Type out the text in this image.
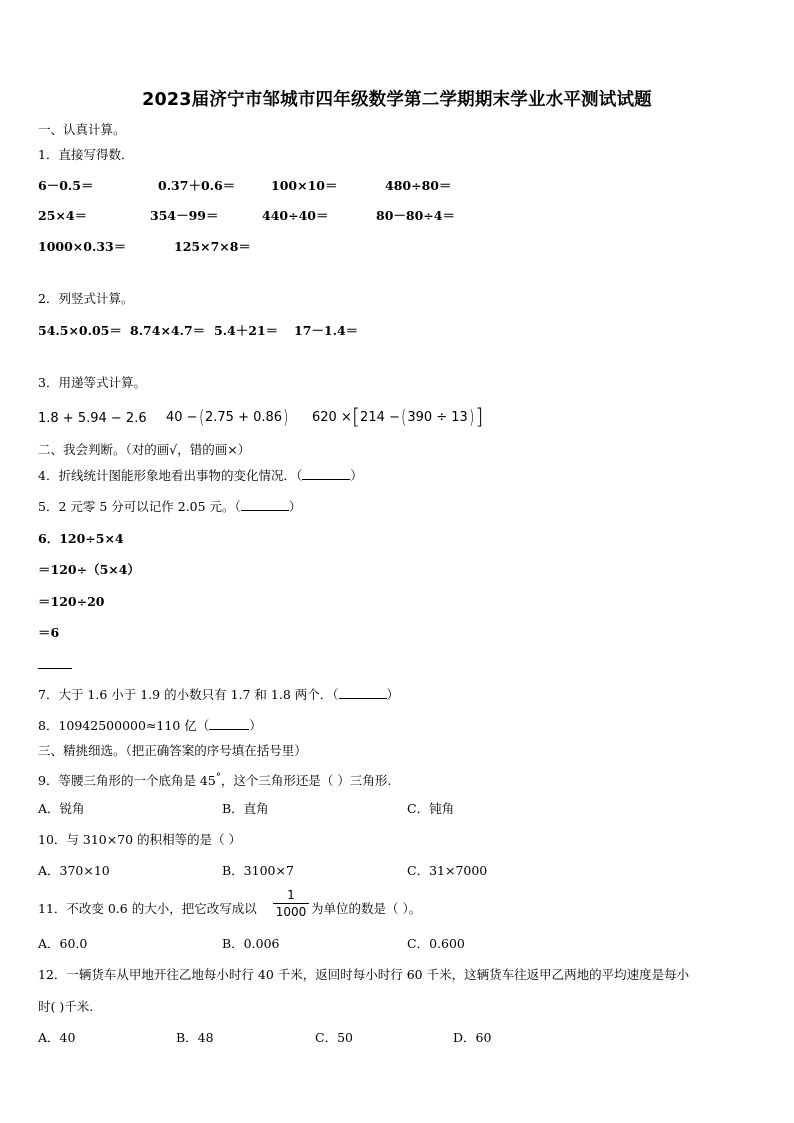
2023届济宁市邹城市四年级数学第二学期期末学业水平测试试题
一、认真计算。
1．直接写得数．
6－0.5＝	0.37＋0.6＝	100×10＝	480÷80＝
25×4＝	354－99＝	440÷40＝	80－80÷4＝
1000×0.33＝	125×7×8＝
2．列竖式计算。
54.5×0.05＝ 8.74×4.7＝ 5.4＋21＝ 17－1.4＝
3．用递等式计算。
1.8 + 5.94 − 2.6 40 −(2.75 + 0.86) 620 ×[214 −(390 ÷ 13)]
二、我会判断。（对的画√，错的画×）
4．折线统计图能形象地看出事物的变化情况．（	）
5．2 元零 5 分可以记作 2.05 元。（	）
6．120÷5×4
＝120÷（5×4）
＝120÷20
＝6
7．大于 1.6 小于 1.9 的小数只有 1.7 和 1.8 两个．（	）
8．10942500000≈110 亿（	）
三、精挑细选。（把正确答案的序号填在括号里）
9．等腰三角形的一个底角是 45°，这个三角形还是（ ）三角形.
A．锐角	B．直角	C．钝角
10．与 310×70 的积相等的是（ ）
A．370×10	B．3100×7	C．31×7000
11．不改变 0.6 的大小，把它改写成以
1
1000 为单位的数是（ ）。
A．60.0	B．0.006	C．0.600
12．一辆货车从甲地开往乙地每小时行 40 千米，返回时每小时行 60 千米，这辆货车往返甲乙两地的平均速度是每小
时( )千米.
A．40	B．48	C．50	D．60
